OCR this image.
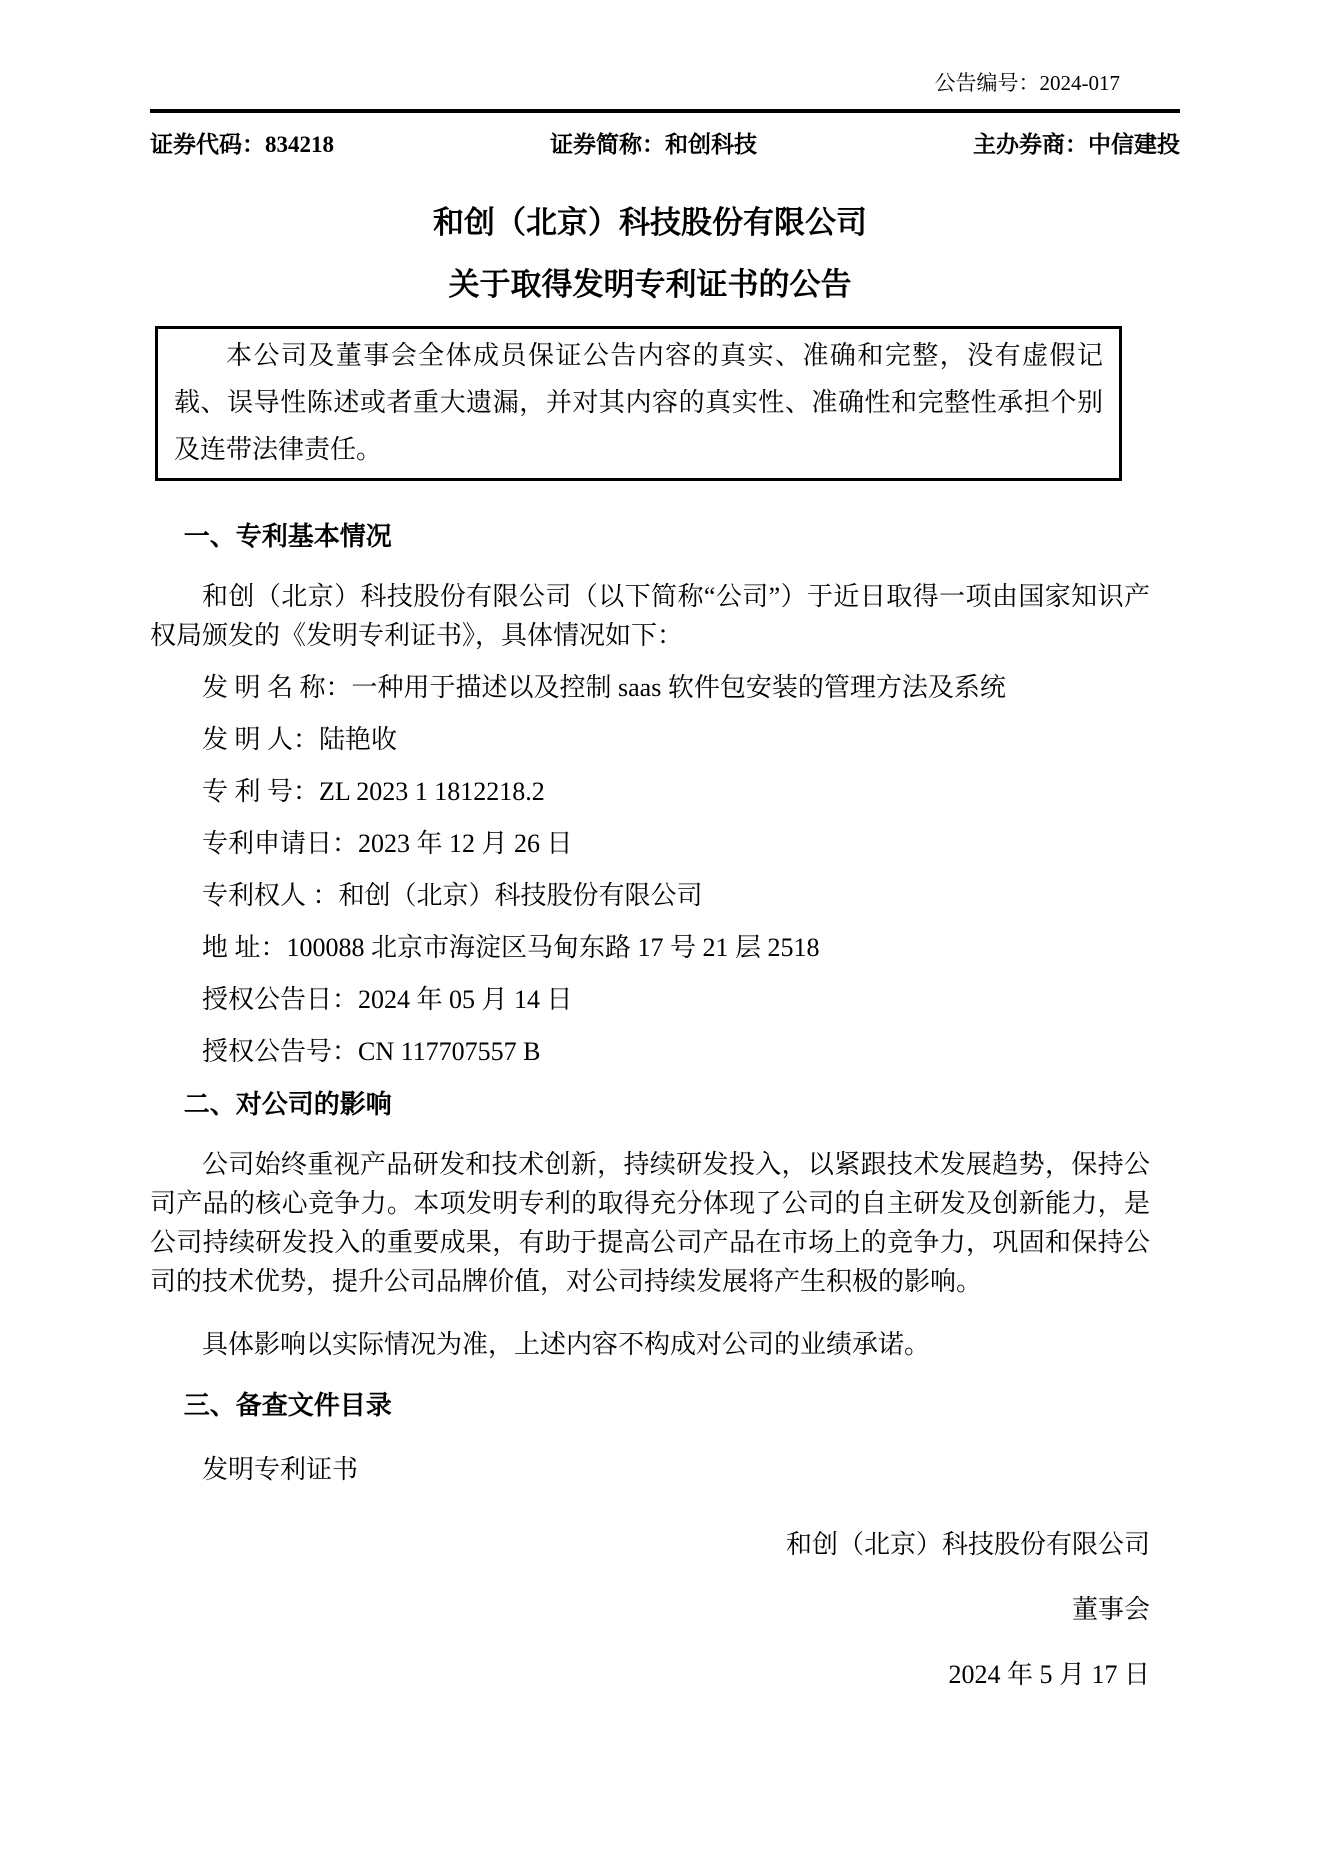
公告编号：2024-017
证券代码：834218	证券简称：和创科技	主办券商：中信建投
和创（北京）科技股份有限公司
关于取得发明专利证书的公告
本公司及董事会全体成员保证公告内容的真实、准确和完整，没有虚假记载、误导性陈述或者重大遗漏，并对其内容的真实性、准确性和完整性承担个别及连带法律责任。

一、专利基本情况

和创（北京）科技股份有限公司（以下简称“公司”）于近日取得一项由国家知识产权局颁发的《发明专利证书》，具体情况如下：

发 明 名 称：一种用于描述以及控制 saas 软件包安装的管理方法及系统

发 明 人：陆艳收

专 利 号：ZL 2023 1 1812218.2

专利申请日：2023 年 12 月 26 日

专利权人 ：和创（北京）科技股份有限公司

地 址：100088 北京市海淀区马甸东路 17 号 21 层 2518

授权公告日：2024 年 05 月 14 日

授权公告号：CN 117707557 B

二、对公司的影响

公司始终重视产品研发和技术创新，持续研发投入，以紧跟技术发展趋势，保持公司产品的核心竞争力。本项发明专利的取得充分体现了公司的自主研发及创新能力，是公司持续研发投入的重要成果，有助于提高公司产品在市场上的竞争力，巩固和保持公司的技术优势，提升公司品牌价值，对公司持续发展将产生积极的影响。

具体影响以实际情况为准，上述内容不构成对公司的业绩承诺。

三、备查文件目录

发明专利证书

和创（北京）科技股份有限公司

董事会

2024 年 5 月 17 日
